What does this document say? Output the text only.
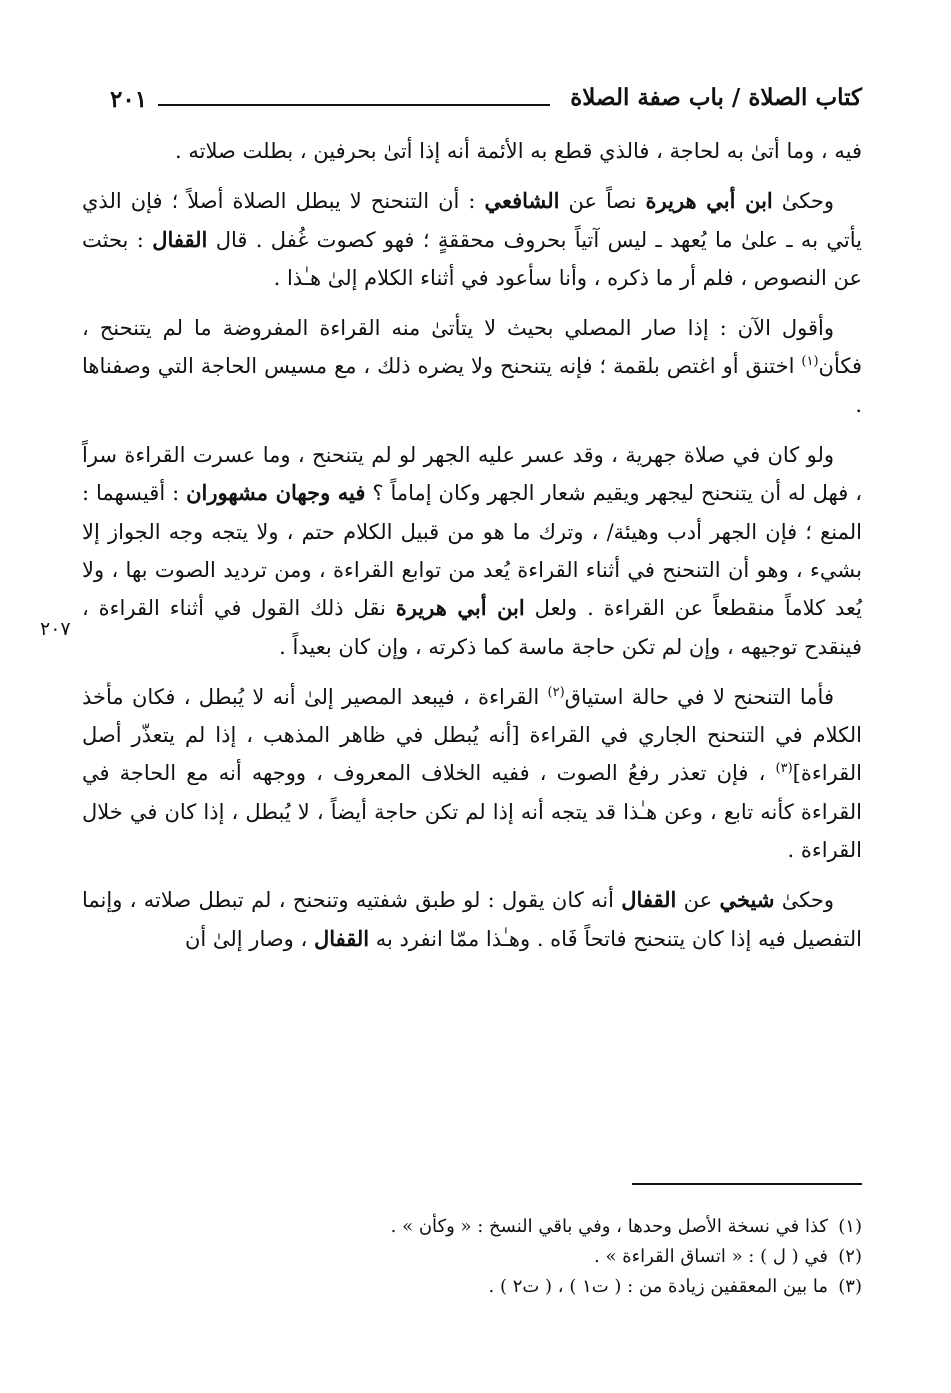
كتاب الصلاة / باب صفة الصلاة
٢٠١
٢٠٧

فيه ، وما أتىٰ به لحاجة ، فالذي قطع به الأئمة أنه إذا أتىٰ بحرفين ، بطلت صلاته .

وحكىٰ ابن أبي هريرة نصاً عن الشافعي : أن التنحنح لا يبطل الصلاة أصلاً ؛ فإن الذي يأتي به ـ علىٰ ما يُعهد ـ ليس آتياً بحروف محققةٍ ؛ فهو كصوت غُفل . قال القفال : بحثت عن النصوص ، فلم أر ما ذكره ، وأنا سأعود في أثناء الكلام إلىٰ هـٰذا .

وأقول الآن : إذا صار المصلي بحيث لا يتأتىٰ منه القراءة المفروضة ما لم يتنحنح ، فكأن$^{(١)}$ اختنق أو اغتص بلقمة ؛ فإنه يتنحنح ولا يضره ذلك ، مع مسيس الحاجة التي وصفناها .

ولو كان في صلاة جهرية ، وقد عسر عليه الجهر لو لم يتنحنح ، وما عسرت القراءة سراً ، فهل له أن يتنحنح ليجهر ويقيم شعار الجهر وكان إماماً ؟ فيه وجهان مشهوران : أقيسهما : المنع ؛ فإن الجهر أدب وهيئة/ ، وترك ما هو من قبيل الكلام حتم ، ولا يتجه وجه الجواز إلا بشيء ، وهو أن التنحنح في أثناء القراءة يُعد من توابع القراءة ، ومن ترديد الصوت بها ، ولا يُعد كلاماً منقطعاً عن القراءة . ولعل ابن أبي هريرة نقل ذلك القول في أثناء القراءة ، فينقدح توجيهه ، وإن لم تكن حاجة ماسة كما ذكرته ، وإن كان بعيداً .

فأما التنحنح لا في حالة استياق$^{(٢)}$ القراءة ، فيبعد المصير إلىٰ أنه لا يُبطل ، فكان مأخذ الكلام في التنحنح الجاري في القراءة [أنه يُبطل في ظاهر المذهب ، إذا لم يتعذّر أصل القراءة]$^{(٣)}$ ، فإن تعذر رفعُ الصوت ، ففيه الخلاف المعروف ، ووجهه أنه مع الحاجة في القراءة كأنه تابع ، وعن هـٰذا قد يتجه أنه إذا لم تكن حاجة أيضاً ، لا يُبطل ، إذا كان في خلال القراءة .

وحكىٰ شيخي عن القفال أنه كان يقول : لو طبق شفتيه وتنحنح ، لم تبطل صلاته ، وإنما التفصيل فيه إذا كان يتنحنح فاتحاً فَاه . وهـٰذا ممّا انفرد به القفال ، وصار إلىٰ أن

(١)كذا في نسخة الأصل وحدها ، وفي باقي النسخ : « وكأن » .
(٢)في ( ل ) : « اتساق القراءة » .
(٣)ما بين المعقفين زيادة من : ( ت١ ) ، ( ت٢ ) .
